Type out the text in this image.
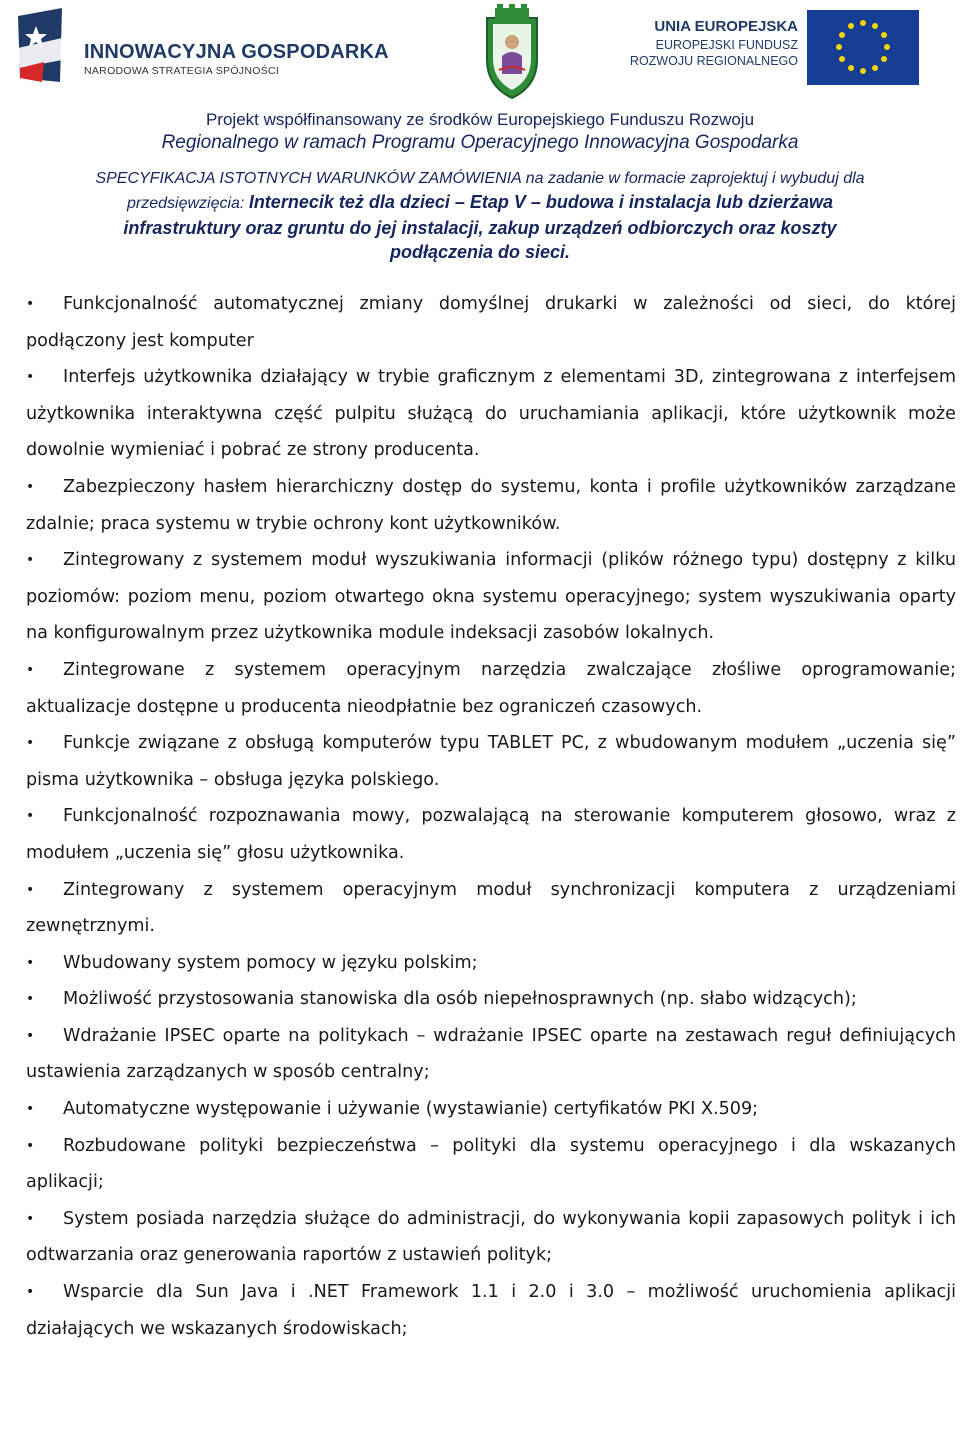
INNOWACYJNA GOSPODARKA
NARODOWA STRATEGIA SPÓJNOŚCI
UNIA EUROPEJSKA
EUROPEJSKI FUNDUSZ
ROZWOJU REGIONALNEGO
Projekt współfinansowany ze środków Europejskiego Funduszu Rozwoju
Regionalnego w ramach Programu Operacyjnego Innowacyjna Gospodarka
SPECYFIKACJA ISTOTNYCH WARUNKÓW ZAMÓWIENIA na zadanie w formacie zaprojektuj i wybuduj dla
przedsięwzięcia: Internecik też dla dzieci – Etap V – budowa i instalacja lub dzierżawa
infrastruktury oraz gruntu do jej instalacji, zakup urządzeń odbiorczych oraz koszty
podłączenia do sieci.
• Funkcjonalność automatycznej zmiany domyślnej drukarki w zależności od sieci, do której podłączony jest komputer
• Interfejs użytkownika działający w trybie graficznym z elementami 3D, zintegrowana z interfejsem użytkownika interaktywna część pulpitu służącą do uruchamiania aplikacji, które użytkownik może dowolnie wymieniać i pobrać ze strony producenta.
• Zabezpieczony hasłem hierarchiczny dostęp do systemu, konta i profile użytkowników zarządzane zdalnie; praca systemu w trybie ochrony kont użytkowników.
• Zintegrowany z systemem moduł wyszukiwania informacji (plików różnego typu) dostępny z kilku poziomów: poziom menu, poziom otwartego okna systemu operacyjnego; system wyszukiwania oparty na konfigurowalnym przez użytkownika module indeksacji zasobów lokalnych.
• Zintegrowane z systemem operacyjnym narzędzia zwalczające złośliwe oprogramowanie; aktualizacje dostępne u producenta nieodpłatnie bez ograniczeń czasowych.
• Funkcje związane z obsługą komputerów typu TABLET PC, z wbudowanym modułem „uczenia się” pisma użytkownika – obsługa języka polskiego.
• Funkcjonalność rozpoznawania mowy, pozwalającą na sterowanie komputerem głosowo, wraz z modułem „uczenia się” głosu użytkownika.
• Zintegrowany z systemem operacyjnym moduł synchronizacji komputera z urządzeniami zewnętrznymi.
• Wbudowany system pomocy w języku polskim;
• Możliwość przystosowania stanowiska dla osób niepełnosprawnych (np. słabo widzących);
• Wdrażanie IPSEC oparte na politykach – wdrażanie IPSEC oparte na zestawach reguł definiujących ustawienia zarządzanych w sposób centralny;
• Automatyczne występowanie i używanie (wystawianie) certyfikatów PKI X.509;
• Rozbudowane polityki bezpieczeństwa – polityki dla systemu operacyjnego i dla wskazanych aplikacji;
• System posiada narzędzia służące do administracji, do wykonywania kopii zapasowych polityk i ich odtwarzania oraz generowania raportów z ustawień polityk;
• Wsparcie dla Sun Java i .NET Framework 1.1 i 2.0 i 3.0 – możliwość uruchomienia aplikacji działających we wskazanych środowiskach;
